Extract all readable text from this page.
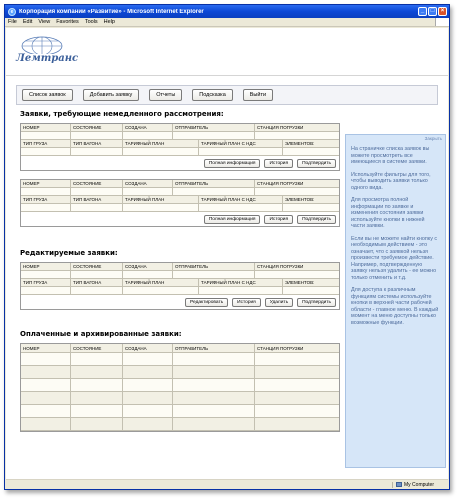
e Корпорация компании «Развитие» - Microsoft Internet Explorer	_	□	×
File Edit View Favorites Tools Help
Лемтранс
Список заявок	Добавить заявку	Отчеты	Подсказка	Выйти
Заявки, требующие немедленного рассмотрения:
НОМЕР	СОСТОЯНИЕ	СОЗДАНА	ОТПРАВИТЕЛЬ	СТАНЦИЯ ПОГРУЗКИ
ТИП ГРУЗА	ТИП ВАГОНА	ТАРИФНЫЙ ПЛАН	ТАРИФНЫЙ ПЛАН С НДС	ЭЛЕМЕНТОВ:
Полная информация	История	Подтвердить
НОМЕР	СОСТОЯНИЕ	СОЗДАНА	ОТПРАВИТЕЛЬ	СТАНЦИЯ ПОГРУЗКИ
ТИП ГРУЗА	ТИП ВАГОНА	ТАРИФНЫЙ ПЛАН	ТАРИФНЫЙ ПЛАН С НДС	ЭЛЕМЕНТОВ:
Полная информация	История	Подтвердить
Редактируемые заявки:
НОМЕР	СОСТОЯНИЕ	СОЗДАНА	ОТПРАВИТЕЛЬ	СТАНЦИЯ ПОГРУЗКИ
ТИП ГРУЗА	ТИП ВАГОНА	ТАРИФНЫЙ ПЛАН	ТАРИФНЫЙ ПЛАН С НДС	ЭЛЕМЕНТОВ:
Редактировать	История	Удалить	Подтвердить
Оплаченные и архивированные заявки:
НОМЕР	СОСТОЯНИЕ	СОЗДАНА	ОТПРАВИТЕЛЬ	СТАНЦИЯ ПОГРУЗКИ
Закрыть

На страничке списка заявок вы можете просмотреть все имеющиеся в системе заявки.

Используйте фильтры для того, чтобы выводить заявки только одного вида.

Для просмотра полной информации по заявке и изменения состояния заявки используйте кнопки в нижней части заявки.

Если вы не можете найти кнопку с необходимым действием - это означает, что с заявкой нельзя произвести требуемое действие. Например, подтвержденную заявку нельзя удалить - ее можно только отменить и т.д.

Для доступа к различным функциям системы используйте кнопки в верхней части рабочей области - главное меню. В каждый момент на меню доступны только возможные функции.

My Computer
